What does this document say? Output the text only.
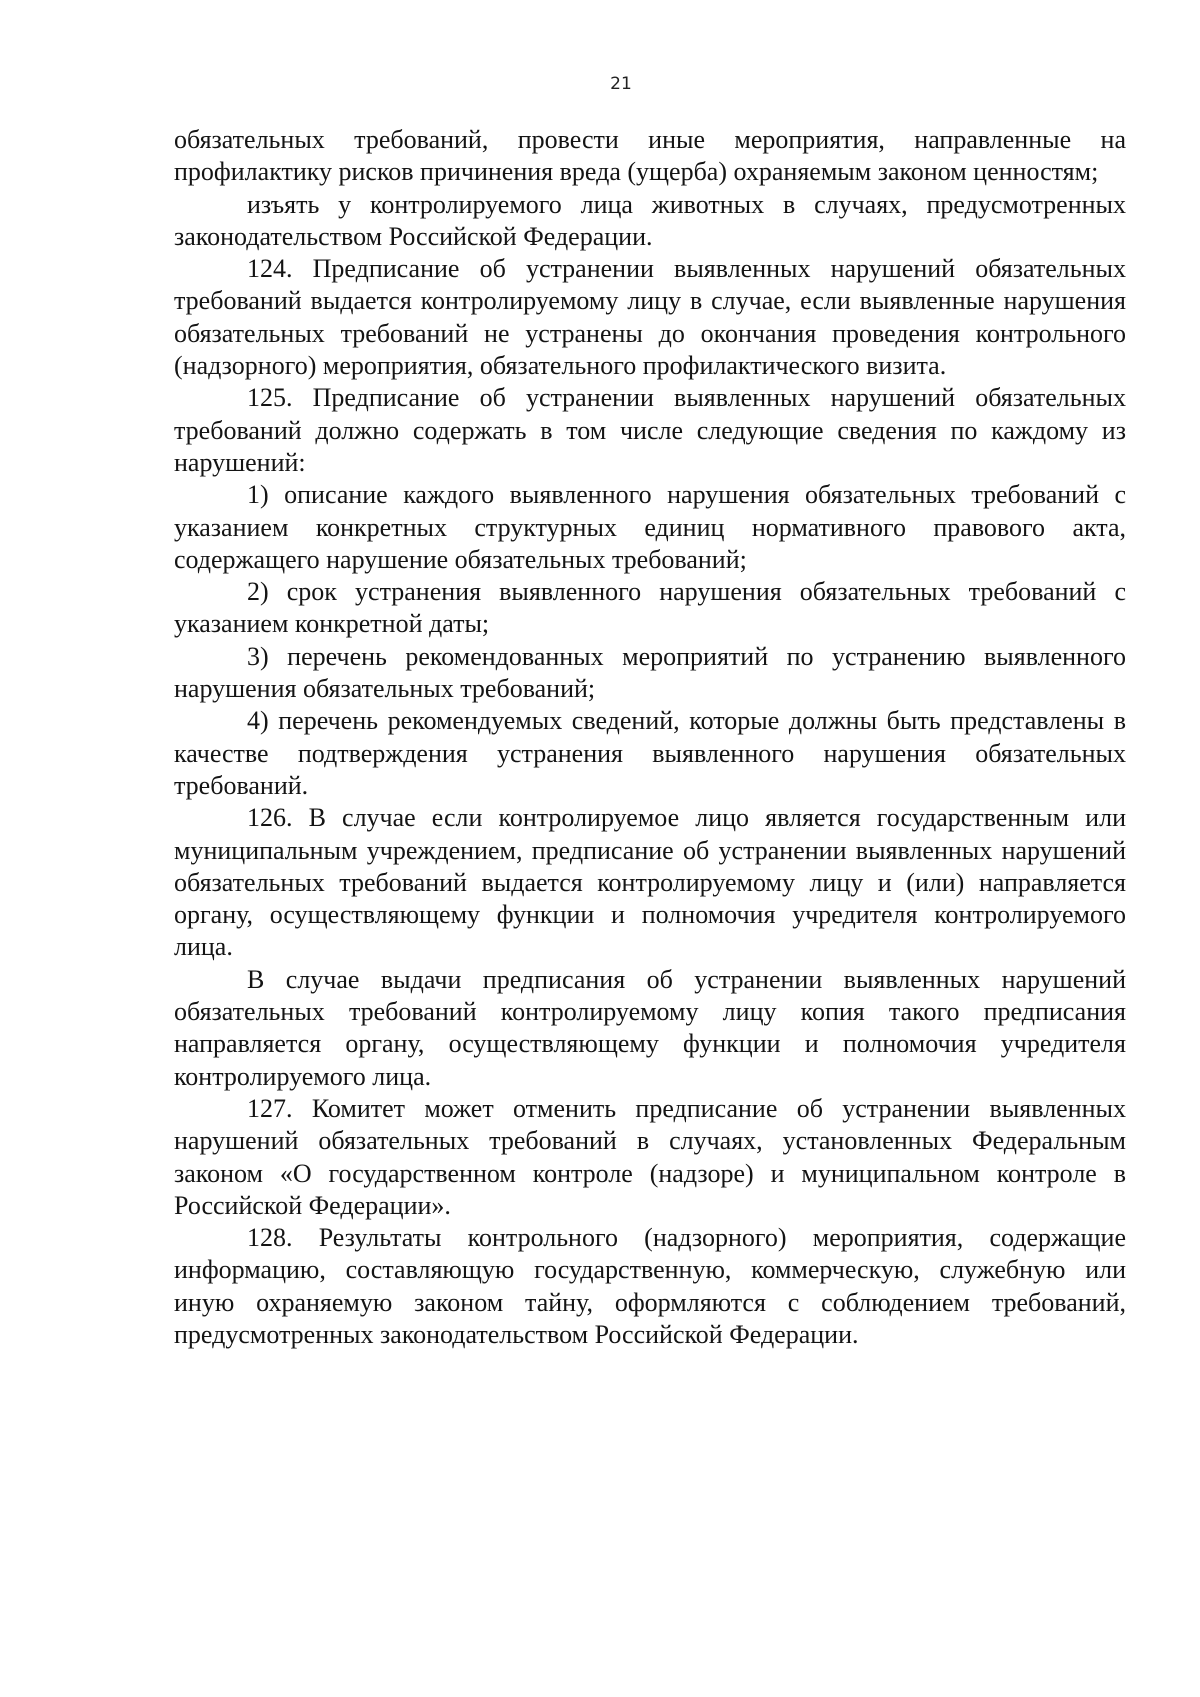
21

обязательных требований, провести иные мероприятия, направленные на профилактику рисков причинения вреда (ущерба) охраняемым законом ценностям;

изъять у контролируемого лица животных в случаях, предусмотренных законодательством Российской Федерации.

124. Предписание об устранении выявленных нарушений обязательных требований выдается контролируемому лицу в случае, если выявленные нарушения обязательных требований не устранены до окончания проведения контрольного (надзорного) мероприятия, обязательного профилактического визита.

125. Предписание об устранении выявленных нарушений обязательных требований должно содержать в том числе следующие сведения по каждому из нарушений:

1) описание каждого выявленного нарушения обязательных требований с указанием конкретных структурных единиц нормативного правового акта, содержащего нарушение обязательных требований;

2) срок устранения выявленного нарушения обязательных требований с указанием конкретной даты;

3) перечень рекомендованных мероприятий по устранению выявленного нарушения обязательных требований;

4) перечень рекомендуемых сведений, которые должны быть представлены в качестве подтверждения устранения выявленного нарушения обязательных требований.

126. В случае если контролируемое лицо является государственным или муниципальным учреждением, предписание об устранении выявленных нарушений обязательных требований выдается контролируемому лицу и (или) направляется органу, осуществляющему функции и полномочия учредителя контролируемого лица.

В случае выдачи предписания об устранении выявленных нарушений обязательных требований контролируемому лицу копия такого предписания направляется органу, осуществляющему функции и полномочия учредителя контролируемого лица.

127. Комитет может отменить предписание об устранении выявленных нарушений обязательных требований в случаях, установленных Федеральным законом «О государственном контроле (надзоре) и муниципальном контроле в Российской Федерации».

128. Результаты контрольного (надзорного) мероприятия, содержащие информацию, составляющую государственную, коммерческую, служебную или иную охраняемую законом тайну, оформляются с соблюдением требований, предусмотренных законодательством Российской Федерации.
